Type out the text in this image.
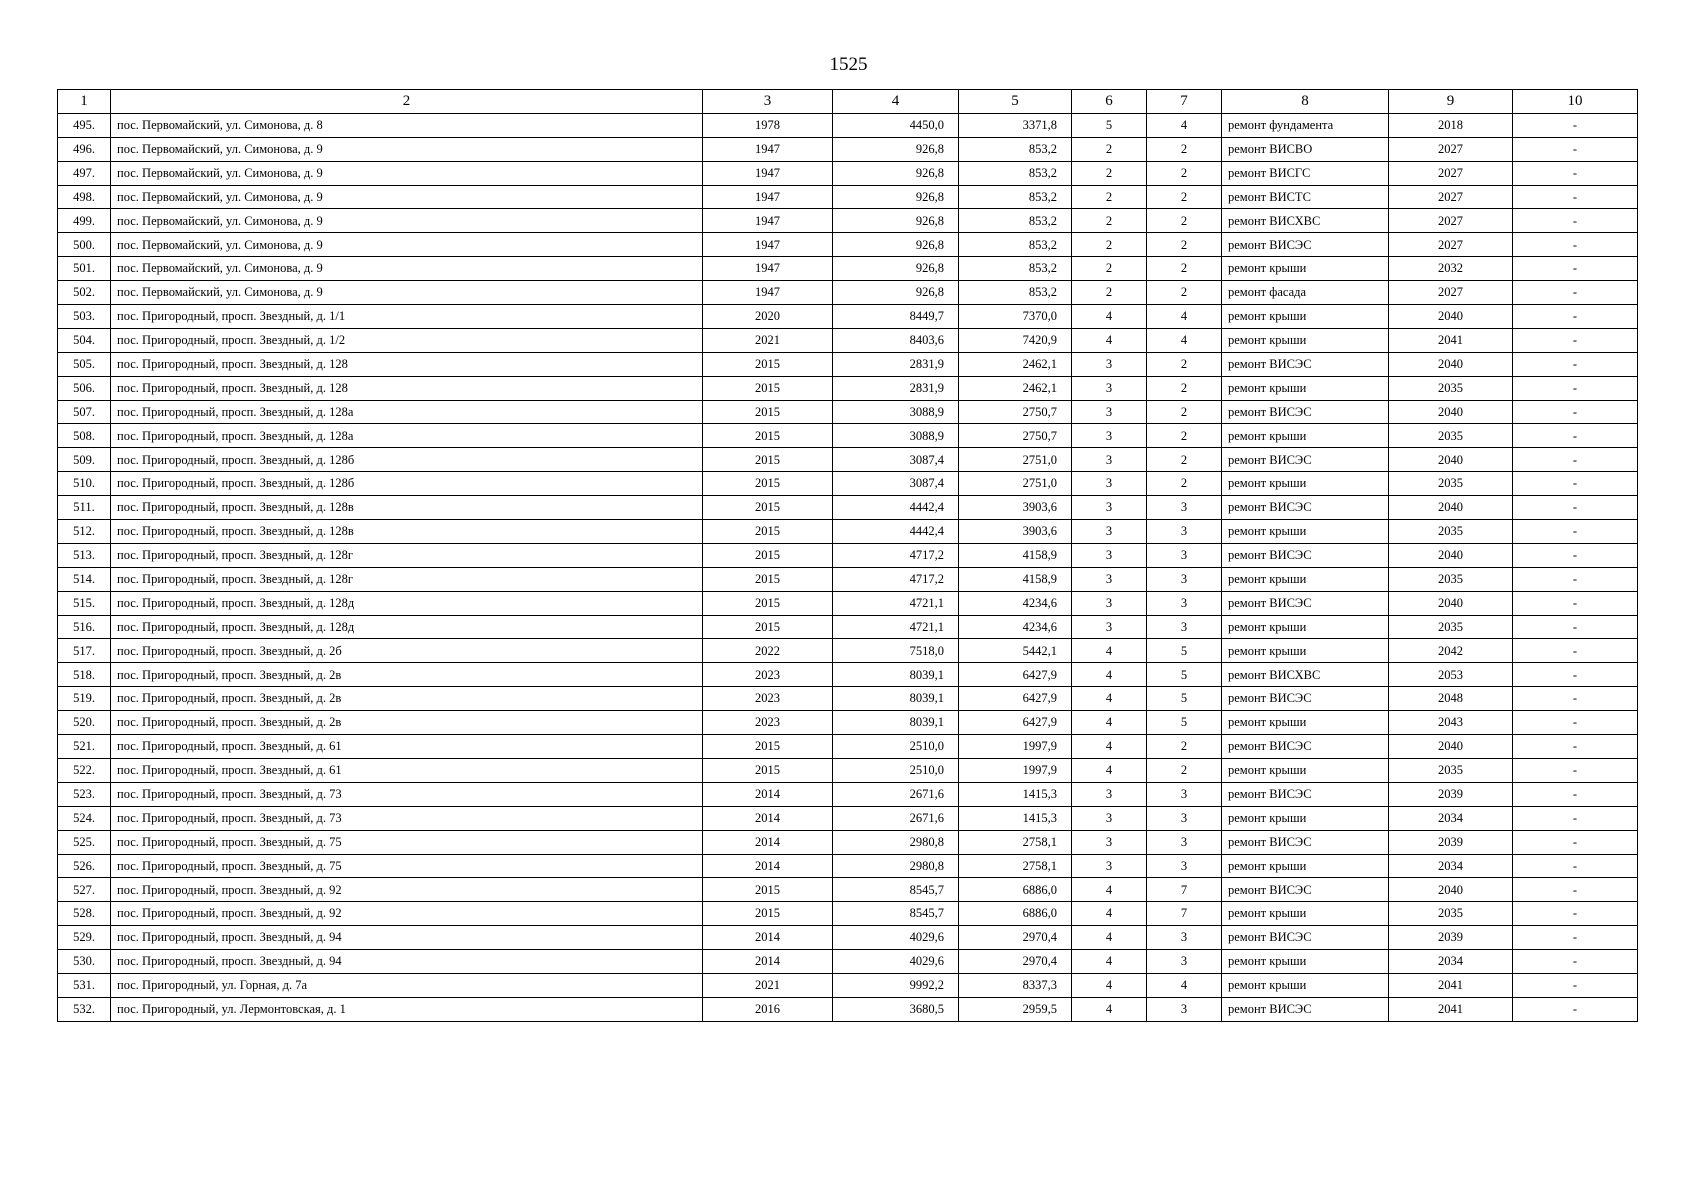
1525
1	2	3	4	5	6	7	8	9	10
495.	пос. Первомайский, ул. Симонова, д. 8	1978	4450,0	3371,8	5	4	ремонт фундамента	2018	-
496.	пос. Первомайский, ул. Симонова, д. 9	1947	926,8	853,2	2	2	ремонт ВИСВО	2027	-
497.	пос. Первомайский, ул. Симонова, д. 9	1947	926,8	853,2	2	2	ремонт ВИСГС	2027	-
498.	пос. Первомайский, ул. Симонова, д. 9	1947	926,8	853,2	2	2	ремонт ВИСТС	2027	-
499.	пос. Первомайский, ул. Симонова, д. 9	1947	926,8	853,2	2	2	ремонт ВИСХВС	2027	-
500.	пос. Первомайский, ул. Симонова, д. 9	1947	926,8	853,2	2	2	ремонт ВИСЭС	2027	-
501.	пос. Первомайский, ул. Симонова, д. 9	1947	926,8	853,2	2	2	ремонт крыши	2032	-
502.	пос. Первомайский, ул. Симонова, д. 9	1947	926,8	853,2	2	2	ремонт фасада	2027	-
503.	пос. Пригородный, просп. Звездный, д. 1/1	2020	8449,7	7370,0	4	4	ремонт крыши	2040	-
504.	пос. Пригородный, просп. Звездный, д. 1/2	2021	8403,6	7420,9	4	4	ремонт крыши	2041	-
505.	пос. Пригородный, просп. Звездный, д. 128	2015	2831,9	2462,1	3	2	ремонт ВИСЭС	2040	-
506.	пос. Пригородный, просп. Звездный, д. 128	2015	2831,9	2462,1	3	2	ремонт крыши	2035	-
507.	пос. Пригородный, просп. Звездный, д. 128а	2015	3088,9	2750,7	3	2	ремонт ВИСЭС	2040	-
508.	пос. Пригородный, просп. Звездный, д. 128а	2015	3088,9	2750,7	3	2	ремонт крыши	2035	-
509.	пос. Пригородный, просп. Звездный, д. 128б	2015	3087,4	2751,0	3	2	ремонт ВИСЭС	2040	-
510.	пос. Пригородный, просп. Звездный, д. 128б	2015	3087,4	2751,0	3	2	ремонт крыши	2035	-
511.	пос. Пригородный, просп. Звездный, д. 128в	2015	4442,4	3903,6	3	3	ремонт ВИСЭС	2040	-
512.	пос. Пригородный, просп. Звездный, д. 128в	2015	4442,4	3903,6	3	3	ремонт крыши	2035	-
513.	пос. Пригородный, просп. Звездный, д. 128г	2015	4717,2	4158,9	3	3	ремонт ВИСЭС	2040	-
514.	пос. Пригородный, просп. Звездный, д. 128г	2015	4717,2	4158,9	3	3	ремонт крыши	2035	-
515.	пос. Пригородный, просп. Звездный, д. 128д	2015	4721,1	4234,6	3	3	ремонт ВИСЭС	2040	-
516.	пос. Пригородный, просп. Звездный, д. 128д	2015	4721,1	4234,6	3	3	ремонт крыши	2035	-
517.	пос. Пригородный, просп. Звездный, д. 2б	2022	7518,0	5442,1	4	5	ремонт крыши	2042	-
518.	пос. Пригородный, просп. Звездный, д. 2в	2023	8039,1	6427,9	4	5	ремонт ВИСХВС	2053	-
519.	пос. Пригородный, просп. Звездный, д. 2в	2023	8039,1	6427,9	4	5	ремонт ВИСЭС	2048	-
520.	пос. Пригородный, просп. Звездный, д. 2в	2023	8039,1	6427,9	4	5	ремонт крыши	2043	-
521.	пос. Пригородный, просп. Звездный, д. 61	2015	2510,0	1997,9	4	2	ремонт ВИСЭС	2040	-
522.	пос. Пригородный, просп. Звездный, д. 61	2015	2510,0	1997,9	4	2	ремонт крыши	2035	-
523.	пос. Пригородный, просп. Звездный, д. 73	2014	2671,6	1415,3	3	3	ремонт ВИСЭС	2039	-
524.	пос. Пригородный, просп. Звездный, д. 73	2014	2671,6	1415,3	3	3	ремонт крыши	2034	-
525.	пос. Пригородный, просп. Звездный, д. 75	2014	2980,8	2758,1	3	3	ремонт ВИСЭС	2039	-
526.	пос. Пригородный, просп. Звездный, д. 75	2014	2980,8	2758,1	3	3	ремонт крыши	2034	-
527.	пос. Пригородный, просп. Звездный, д. 92	2015	8545,7	6886,0	4	7	ремонт ВИСЭС	2040	-
528.	пос. Пригородный, просп. Звездный, д. 92	2015	8545,7	6886,0	4	7	ремонт крыши	2035	-
529.	пос. Пригородный, просп. Звездный, д. 94	2014	4029,6	2970,4	4	3	ремонт ВИСЭС	2039	-
530.	пос. Пригородный, просп. Звездный, д. 94	2014	4029,6	2970,4	4	3	ремонт крыши	2034	-
531.	пос. Пригородный, ул. Горная, д. 7а	2021	9992,2	8337,3	4	4	ремонт крыши	2041	-
532.	пос. Пригородный, ул. Лермонтовская, д. 1	2016	3680,5	2959,5	4	3	ремонт ВИСЭС	2041	-
